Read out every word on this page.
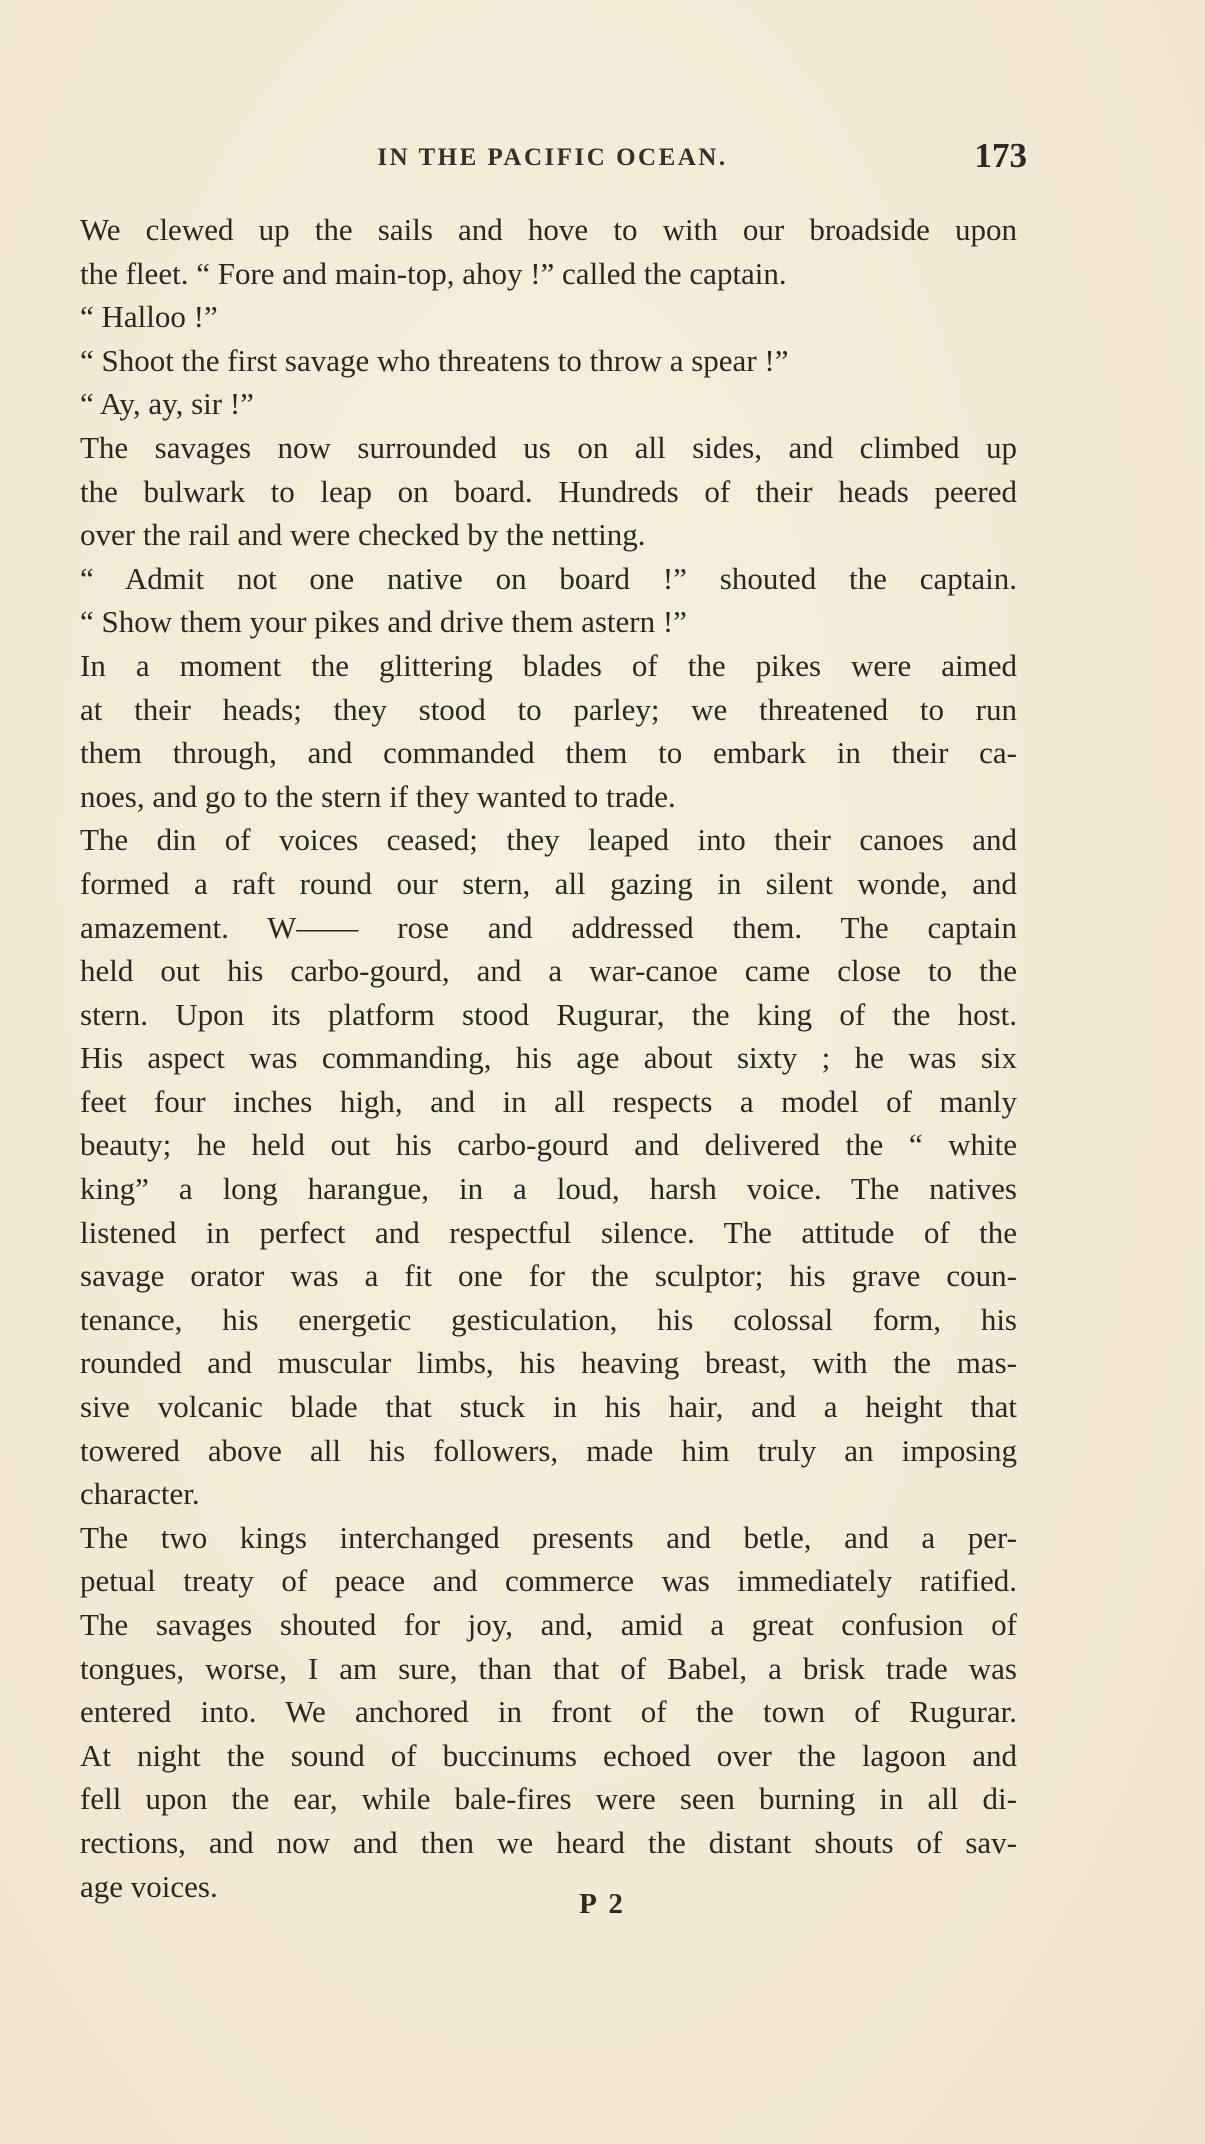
IN THE PACIFIC OCEAN.	173
We clewed up the sails and hove to with our broadside upon
the fleet. “ Fore and main-top, ahoy !” called the captain.
“ Halloo !”
“ Shoot the first savage who threatens to throw a spear !”
“ Ay, ay, sir !”
The savages now surrounded us on all sides, and climbed up
the bulwark to leap on board. Hundreds of their heads peered
over the rail and were checked by the netting.
“ Admit not one native on board !” shouted the captain.
“ Show them your pikes and drive them astern !”
In a moment the glittering blades of the pikes were aimed
at their heads; they stood to parley; we threatened to run
them through, and commanded them to embark in their ca-
noes, and go to the stern if they wanted to trade.
The din of voices ceased; they leaped into their canoes and
formed a raft round our stern, all gazing in silent wonde, and
amazement. W—— rose and addressed them. The captain
held out his carbo-gourd, and a war-canoe came close to the
stern. Upon its platform stood Rugurar, the king of the host.
His aspect was commanding, his age about sixty ; he was six
feet four inches high, and in all respects a model of manly
beauty; he held out his carbo-gourd and delivered the “ white
king” a long harangue, in a loud, harsh voice. The natives
listened in perfect and respectful silence. The attitude of the
savage orator was a fit one for the sculptor; his grave coun-
tenance, his energetic gesticulation, his colossal form, his
rounded and muscular limbs, his heaving breast, with the mas-
sive volcanic blade that stuck in his hair, and a height that
towered above all his followers, made him truly an imposing
character.
The two kings interchanged presents and betle, and a per-
petual treaty of peace and commerce was immediately ratified.
The savages shouted for joy, and, amid a great confusion of
tongues, worse, I am sure, than that of Babel, a brisk trade was
entered into. We anchored in front of the town of Rugurar.
At night the sound of buccinums echoed over the lagoon and
fell upon the ear, while bale-fires were seen burning in all di-
rections, and now and then we heard the distant shouts of sav-
age voices.
P 2
